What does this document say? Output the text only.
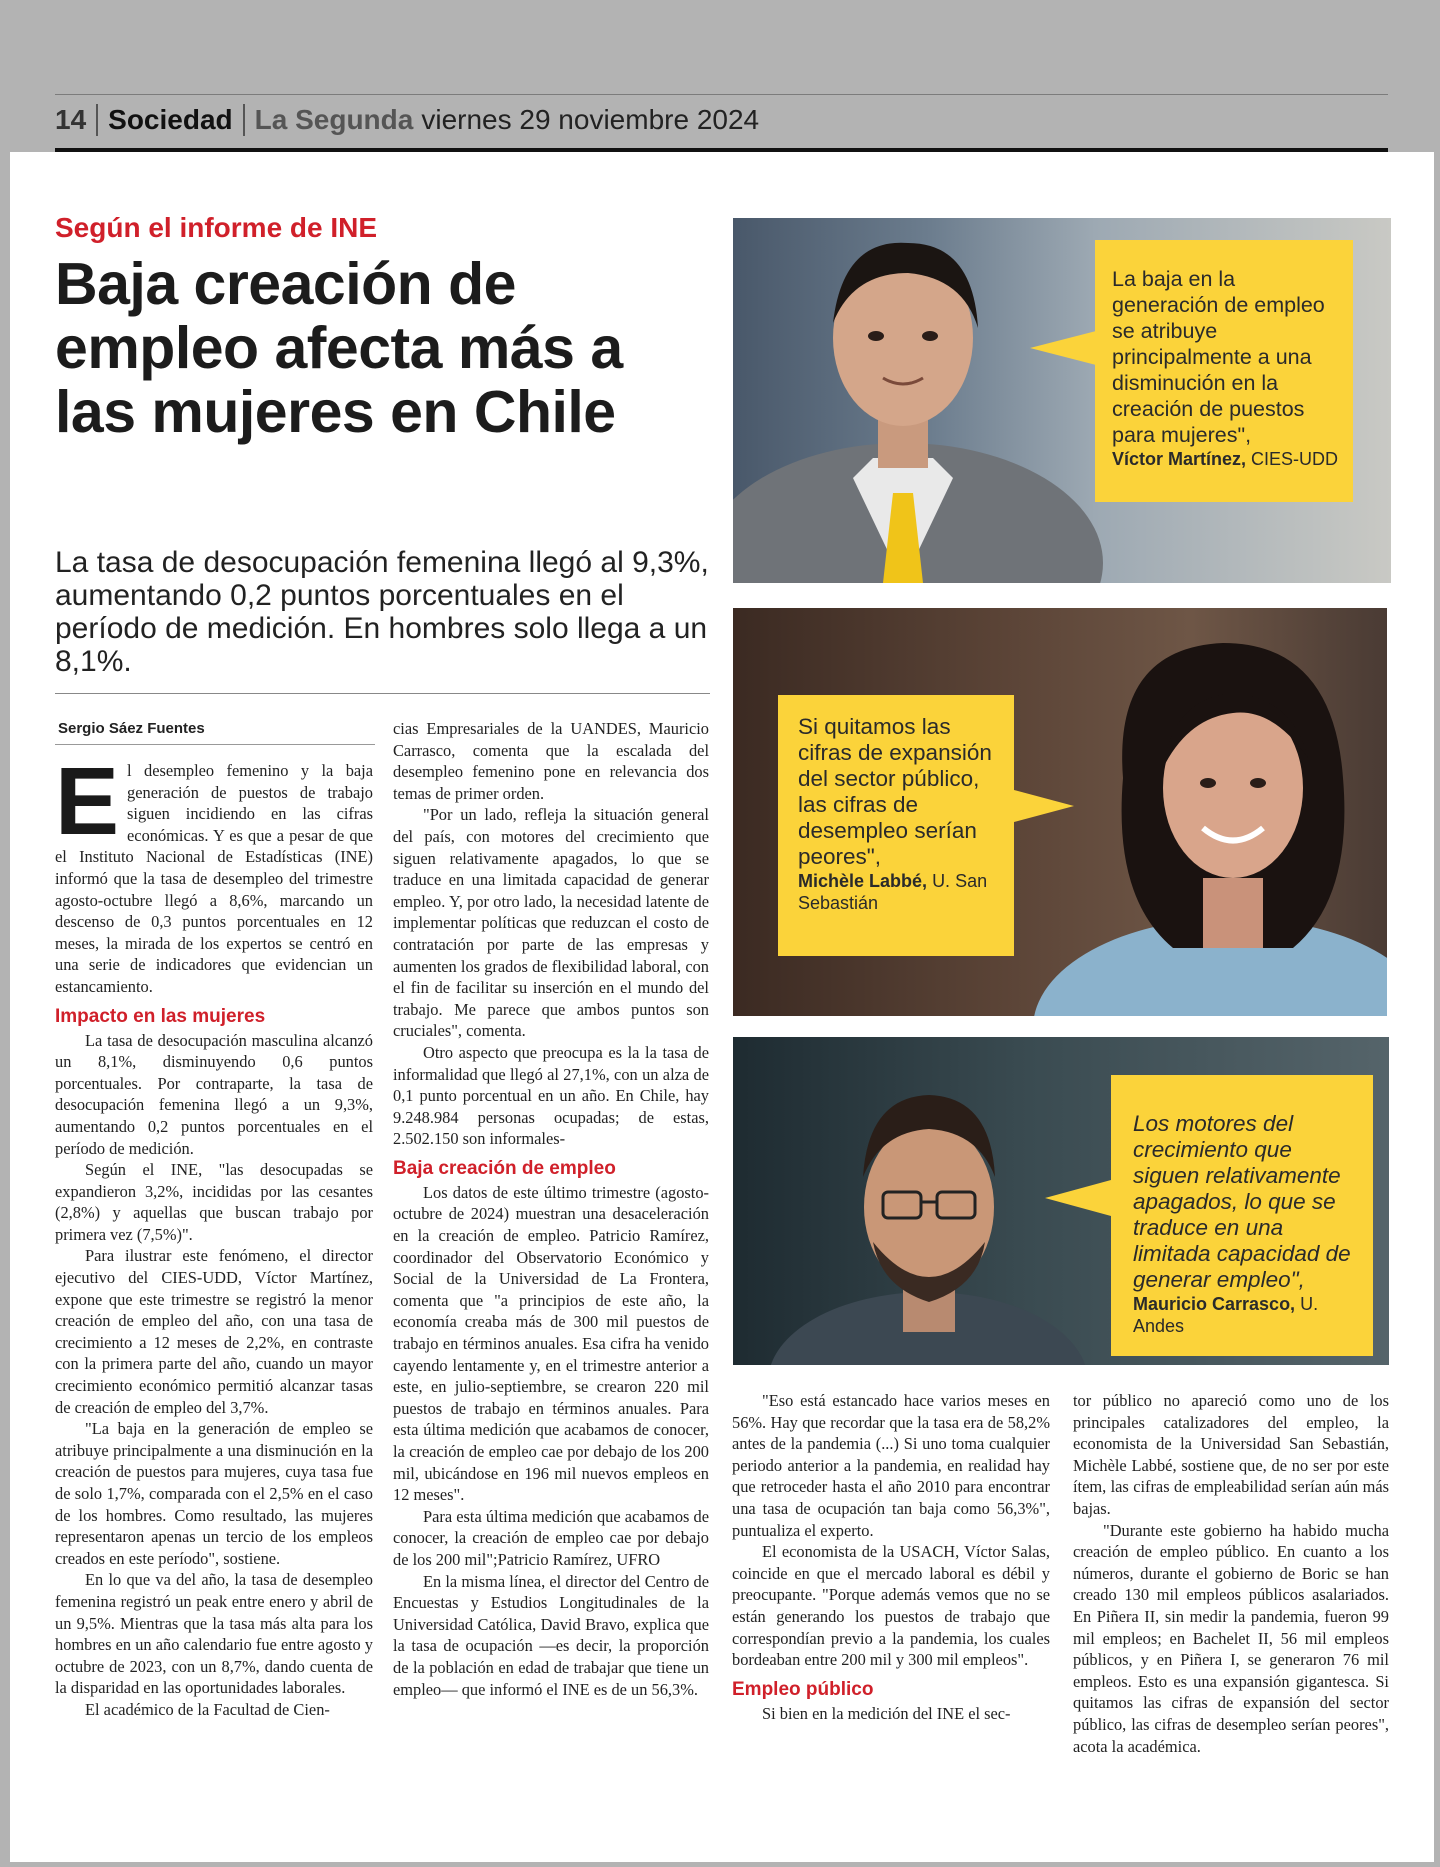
14 Sociedad La Segunda viernes 29 noviembre 2024
Según el informe de INE
Baja creación de empleo afecta más a las mujeres en Chile
La tasa de desocupación femenina llegó al 9,3%, aumentando 0,2 puntos porcentuales en el período de medición. En hombres solo llega a un 8,1%.
Sergio Sáez Fuentes

El desempleo femenino y la baja generación de puestos de trabajo siguen incidiendo en las cifras económicas. Y es que a pesar de que el Instituto Nacional de Estadísticas (INE) informó que la tasa de desempleo del trimestre agosto-octubre llegó a 8,6%, marcando un descenso de 0,3 puntos porcentuales en 12 meses, la mirada de los expertos se centró en una serie de indicadores que evidencian un estancamiento.

Impacto en las mujeres

La tasa de desocupación masculina alcanzó un 8,1%, disminuyendo 0,6 puntos porcentuales. Por contraparte, la tasa de desocupación femenina llegó a un 9,3%, aumentando 0,2 puntos porcentuales en el período de medición.

Según el INE, "las desocupadas se expandieron 3,2%, incididas por las cesantes (2,8%) y aquellas que buscan trabajo por primera vez (7,5%)".

Para ilustrar este fenómeno, el director ejecutivo del CIES-UDD, Víctor Martínez, expone que este trimestre se registró la menor creación de empleo del año, con una tasa de crecimiento a 12 meses de 2,2%, en contraste con la primera parte del año, cuando un mayor crecimiento económico permitió alcanzar tasas de creación de empleo del 3,7%.

"La baja en la generación de empleo se atribuye principalmente a una disminución en la creación de puestos para mujeres, cuya tasa fue de solo 1,7%, comparada con el 2,5% en el caso de los hombres. Como resultado, las mujeres representaron apenas un tercio de los empleos creados en este período", sostiene.

En lo que va del año, la tasa de desempleo femenina registró un peak entre enero y abril de un 9,5%. Mientras que la tasa más alta para los hombres en un año calendario fue entre agosto y octubre de 2023, con un 8,7%, dando cuenta de la disparidad en las oportunidades laborales.

El académico de la Facultad de Cien-

cias Empresariales de la UANDES, Mauricio Carrasco, comenta que la escalada del desempleo femenino pone en relevancia dos temas de primer orden.

"Por un lado, refleja la situación general del país, con motores del crecimiento que siguen relativamente apagados, lo que se traduce en una limitada capacidad de generar empleo. Y, por otro lado, la necesidad latente de implementar políticas que reduzcan el costo de contratación por parte de las empresas y aumenten los grados de flexibilidad laboral, con el fin de facilitar su inserción en el mundo del trabajo. Me parece que ambos puntos son cruciales", comenta.

Otro aspecto que preocupa es la la tasa de informalidad que llegó al 27,1%, con un alza de 0,1 punto porcentual en un año. En Chile, hay 9.248.984 personas ocupadas; de estas, 2.502.150 son informales-

Baja creación de empleo

Los datos de este último trimestre (agosto-octubre de 2024) muestran una desaceleración en la creación de empleo. Patricio Ramírez, coordinador del Observatorio Económico y Social de la Universidad de La Frontera, comenta que "a principios de este año, la economía creaba más de 300 mil puestos de trabajo en términos anuales. Esa cifra ha venido cayendo lentamente y, en el trimestre anterior a este, en julio-septiembre, se crearon 220 mil puestos de trabajo en términos anuales. Para esta última medición que acabamos de conocer, la creación de empleo cae por debajo de los 200 mil, ubicándose en 196 mil nuevos empleos en 12 meses".

Para esta última medición que acabamos de conocer, la creación de empleo cae por debajo de los 200 mil";Patricio Ramírez, UFRO

En la misma línea, el director del Centro de Encuestas y Estudios Longitudinales de la Universidad Católica, David Bravo, explica que la tasa de ocupación —es decir, la proporción de la población en edad de trabajar que tiene un empleo— que informó el INE es de un 56,3%.

"Eso está estancado hace varios meses en 56%. Hay que recordar que la tasa era de 58,2% antes de la pandemia (...) Si uno toma cualquier periodo anterior a la pandemia, en realidad hay que retroceder hasta el año 2010 para encontrar una tasa de ocupación tan baja como 56,3%", puntualiza el experto.

El economista de la USACH, Víctor Salas, coincide en que el mercado laboral es débil y preocupante. "Porque además vemos que no se están generando los puestos de trabajo que correspondían previo a la pandemia, los cuales bordeaban entre 200 mil y 300 mil empleos".

Empleo público

Si bien en la medición del INE el sec-

tor público no apareció como uno de los principales catalizadores del empleo, la economista de la Universidad San Sebastián, Michèle Labbé, sostiene que, de no ser por este ítem, las cifras de empleabilidad serían aún más bajas.

"Durante este gobierno ha habido mucha creación de empleo público. En cuanto a los números, durante el gobierno de Boric se han creado 130 mil empleos públicos asalariados. En Piñera II, sin medir la pandemia, fueron 99 mil empleos; en Bachelet II, 56 mil empleos públicos, y en Piñera I, se generaron 76 mil empleos. Esto es una expansión gigantesca. Si quitamos las cifras de expansión del sector público, las cifras de desempleo serían peores", acota la académica.

La baja en la generación de empleo se atribuye principalmente a una disminución en la creación de puestos para mujeres",
Víctor Martínez, CIES-UDD
Si quitamos las cifras de expansión del sector público, las cifras de desempleo serían peores",
Michèle Labbé, U. San Sebastián
Los motores del crecimiento que siguen relativamente apagados, lo que se traduce en una limitada capacidad de generar empleo",
Mauricio Carrasco, U. Andes
